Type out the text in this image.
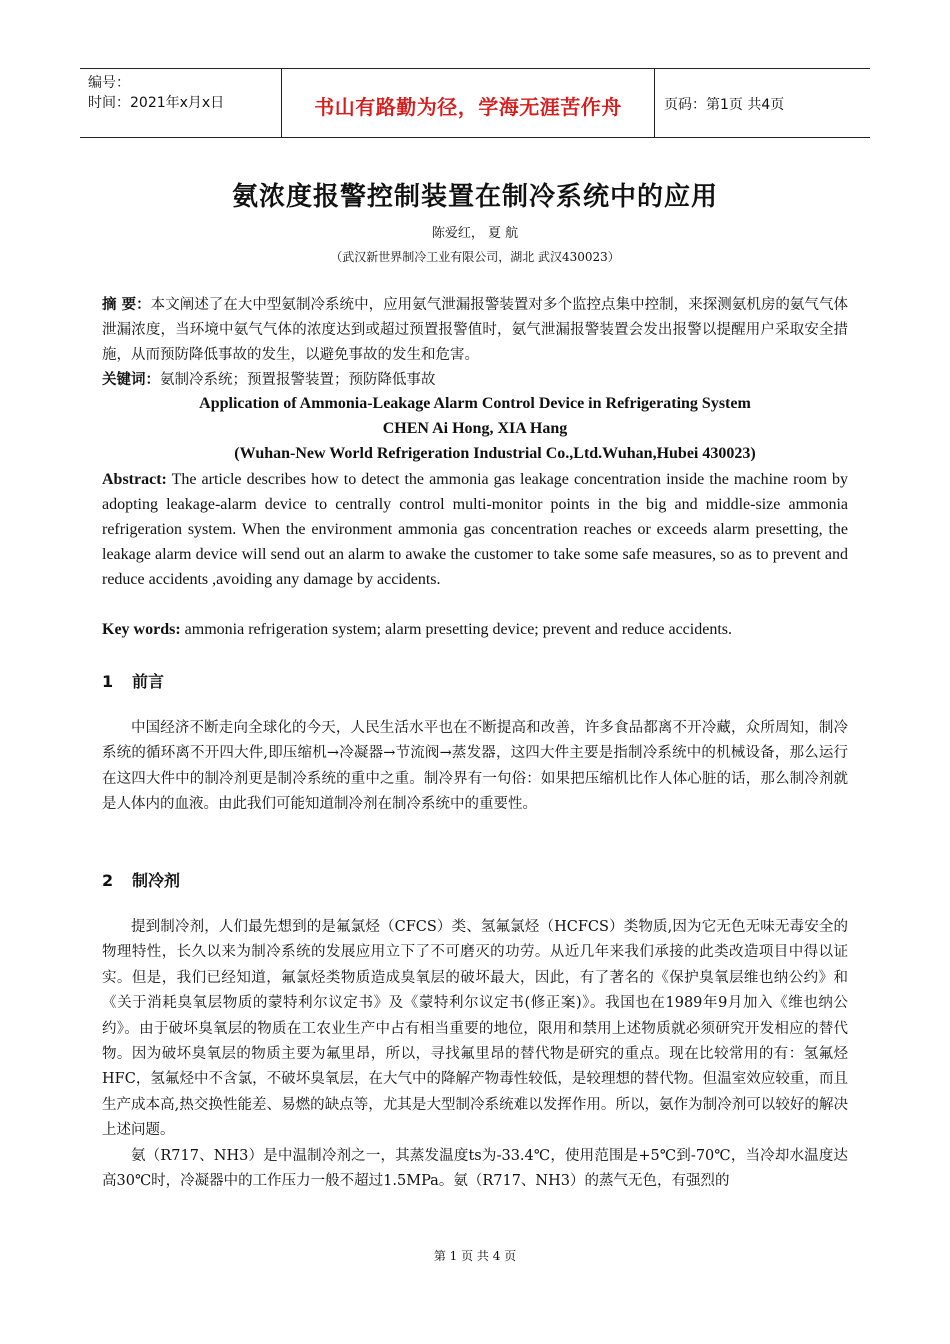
编号：
时间：2021年x月x日	书山有路勤为径，学海无涯苦作舟	页码：第1页 共4页
氨浓度报警控制装置在制冷系统中的应用
陈爱红， 夏 航
（武汉新世界制冷工业有限公司，湖北 武汉430023）

摘 要：本文阐述了在大中型氨制冷系统中，应用氨气泄漏报警装置对多个监控点集中控制，来探测氨机房的氨气气体泄漏浓度，当环境中氨气气体的浓度达到或超过预置报警值时，氨气泄漏报警装置会发出报警以提醒用户采取安全措施，从而预防降低事故的发生，以避免事故的发生和危害。

关键词：氨制冷系统；预置报警装置；预防降低事故

Application of Ammonia-Leakage Alarm Control Device in Refrigerating System
CHEN Ai Hong, XIA Hang
(Wuhan-New World Refrigeration Industrial Co.,Ltd.Wuhan,Hubei 430023)

Abstract: The article describes how to detect the ammonia gas leakage concentration inside the machine room by adopting leakage-alarm device to centrally control multi-monitor points in the big and middle-size ammonia refrigeration system. When the environment ammonia gas concentration reaches or exceeds alarm presetting, the leakage alarm device will send out an alarm to awake the customer to take some safe measures, so as to prevent and reduce accidents ,avoiding any damage by accidents.

Key words: ammonia refrigeration system; alarm presetting device; prevent and reduce accidents.

1 前言

中国经济不断走向全球化的今天，人民生活水平也在不断提高和改善，许多食品都离不开冷藏，众所周知，制冷系统的循环离不开四大件,即压缩机→冷凝器→节流阀→蒸发器，这四大件主要是指制冷系统中的机械设备，那么运行在这四大件中的制冷剂更是制冷系统的重中之重。制冷界有一句俗：如果把压缩机比作人体心脏的话，那么制冷剂就是人体内的血液。由此我们可能知道制冷剂在制冷系统中的重要性。

2 制冷剂

提到制冷剂，人们最先想到的是氟氯烃（CFCS）类、氢氟氯烃（HCFCS）类物质,因为它无色无味无毒安全的物理特性，长久以来为制冷系统的发展应用立下了不可磨灭的功劳。从近几年来我们承接的此类改造项目中得以证实。但是，我们已经知道，氟氯烃类物质造成臭氧层的破坏最大，因此，有了著名的《保护臭氧层维也纳公约》和《关于消耗臭氧层物质的蒙特利尔议定书》及《蒙特利尔议定书(修正案)》。我国也在1989年9月加入《维也纳公约》。由于破坏臭氧层的物质在工农业生产中占有相当重要的地位，限用和禁用上述物质就必须研究开发相应的替代物。因为破坏臭氧层的物质主要为氟里昂，所以，寻找氟里昂的替代物是研究的重点。现在比较常用的有：氢氟烃HFC，氢氟烃中不含氯，不破坏臭氧层，在大气中的降解产物毒性较低，是较理想的替代物。但温室效应较重，而且生产成本高,热交换性能差、易燃的缺点等，尤其是大型制冷系统难以发挥作用。所以，氨作为制冷剂可以较好的解决上述问题。

氨（R717、NH3）是中温制冷剂之一，其蒸发温度ts为-33.4℃，使用范围是+5℃到-70℃，当冷却水温度达高30℃时，冷凝器中的工作压力一般不超过1.5MPa。氨（R717、NH3）的蒸气无色，有强烈的

第 1 页 共 4 页
